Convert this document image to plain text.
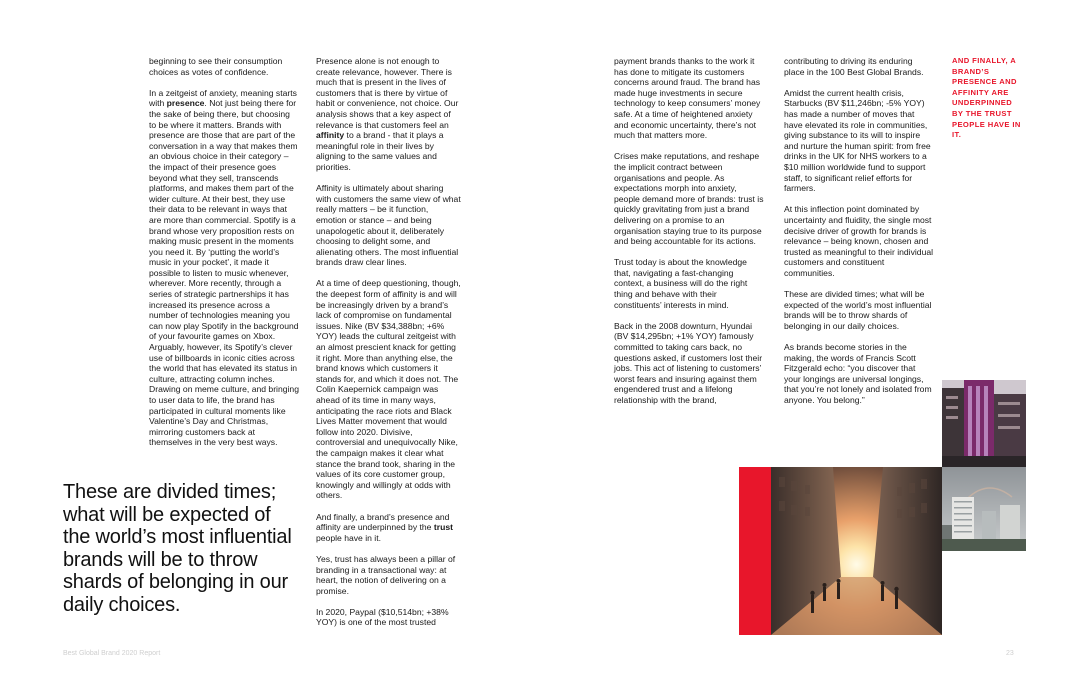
beginning to see their consumption choices as votes of confidence.

In a zeitgeist of anxiety, meaning starts with presence. Not just being there for the sake of being there, but choosing to be where it matters. Brands with presence are those that are part of the conversation in a way that makes them an obvious choice in their category – the impact of their presence goes beyond what they sell, transcends platforms, and makes them part of the wider culture. At their best, they use their data to be relevant in ways that are more than commercial. Spotify is a brand whose very proposition rests on making music present in the moments you need it. By ‘putting the world’s music in your pocket’, it made it possible to listen to music whenever, wherever. More recently, through a series of strategic partnerships it has increased its presence across a number of technologies meaning you can now play Spotify in the background of your favourite games on Xbox. Arguably, however, its Spotify’s clever use of billboards in iconic cities across the world that has elevated its status in culture, attracting column inches. Drawing on meme culture, and bringing to user data to life, the brand has participated in cultural moments like Valentine’s Day and Christmas, mirroring customers back at themselves in the very best ways.

Presence alone is not enough to create relevance, however. There is much that is present in the lives of customers that is there by virtue of habit or convenience, not choice. Our analysis shows that a key aspect of relevance is that customers feel an affinity to a brand - that it plays a meaningful role in their lives by aligning to the same values and priorities.

Affinity is ultimately about sharing with customers the same view of what really matters – be it function, emotion or stance – and being unapologetic about it, deliberately choosing to delight some, and alienating others. The most influential brands draw clear lines.

At a time of deep questioning, though, the deepest form of affinity is and will be increasingly driven by a brand’s lack of compromise on fundamental issues. Nike (BV $34,388bn; +6% YOY) leads the cultural zeitgeist with an almost prescient knack for getting it right. More than anything else, the brand knows which customers it stands for, and which it does not. The Colin Kaepernick campaign was ahead of its time in many ways, anticipating the race riots and Black Lives Matter movement that would follow into 2020. Divisive, controversial and unequivocally Nike, the campaign makes it clear what stance the brand took, sharing in the values of its core customer group, knowingly and willingly at odds with others.

And finally, a brand’s presence and affinity are underpinned by the trust people have in it.

Yes, trust has always been a pillar of branding in a transactional way: at heart, the notion of delivering on a promise.

In 2020, Paypal ($10,514bn; +38% YOY) is one of the most trusted

payment brands thanks to the work it has done to mitigate its customers concerns around fraud. The brand has made huge investments in secure technology to keep consumers’ money safe. At a time of heightened anxiety and economic uncertainty, there’s not much that matters more.

Crises make reputations, and reshape the implicit contract between organisations and people. As expectations morph into anxiety, people demand more of brands: trust is quickly gravitating from just a brand delivering on a promise to an organisation staying true to its purpose and being accountable for its actions.

Trust today is about the knowledge that, navigating a fast-changing context, a business will do the right thing and behave with their constituents’ interests in mind.

Back in the 2008 downturn, Hyundai (BV $14,295bn; +1% YOY) famously committed to taking cars back, no questions asked, if customers lost their jobs. This act of listening to customers’ worst fears and insuring against them engendered trust and a lifelong relationship with the brand,

contributing to driving its enduring place in the 100 Best Global Brands.

Amidst the current health crisis, Starbucks (BV $11,246bn; -5% YOY) has made a number of moves that have elevated its role in communities, giving substance to its will to inspire and nurture the human spirit: from free drinks in the UK for NHS workers to a $10 million worldwide fund to support staff, to significant relief efforts for farmers.

At this inflection point dominated by uncertainty and fluidity, the single most decisive driver of growth for brands is relevance – being known, chosen and trusted as meaningful to their individual customers and constituent communities.

These are divided times; what will be expected of the world’s most influential brands will be to throw shards of belonging in our daily choices.

As brands become stories in the making, the words of Francis Scott Fitzgerald echo: “you discover that your longings are universal longings, that you’re not lonely and isolated from anyone. You belong.”

AND FINALLY, A BRAND’S PRESENCE AND AFFINITY ARE UNDERPINNED BY THE TRUST PEOPLE HAVE IN IT.
These are divided times; what will be expected of the world’s most influential brands will be to throw shards of belonging in our daily choices.
Best Global Brand 2020 Report	23
